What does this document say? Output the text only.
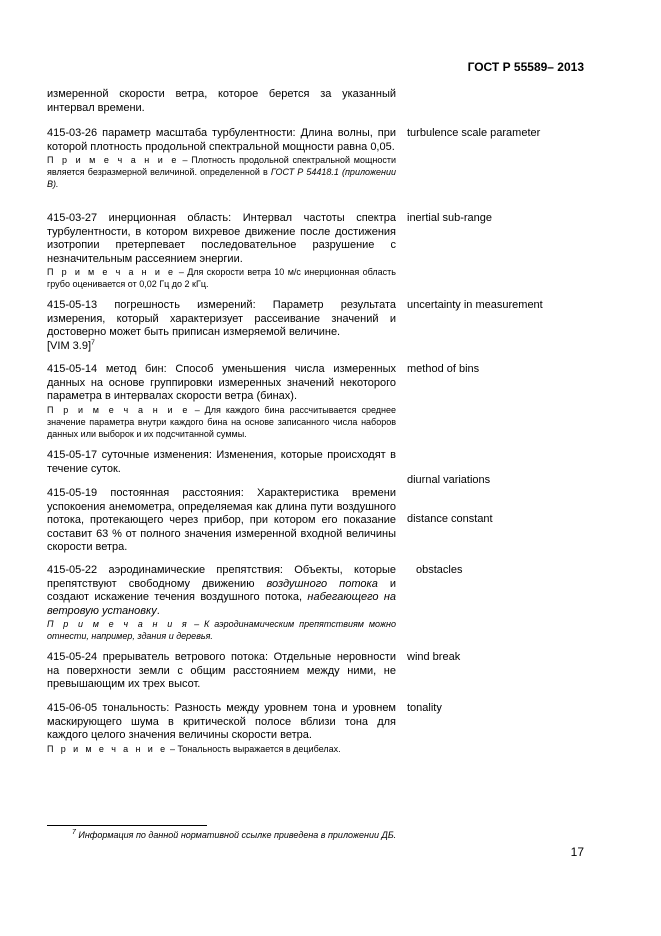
ГОСТ Р 55589– 2013
измеренной скорости ветра, которое берется за указанный интервал времени.
415-03-26 параметр масштаба турбулентности: Длина волны, при которой плотность продольной спектральной мощности равна 0,05.
П р и м е ч а н и е – Плотность продольной спектральной мощности является безразмерной величиной. определенной в ГОСТ Р 54418.1 (приложении В).
turbulence scale parameter
415-03-27 инерционная область: Интервал частоты спектра турбулентности, в котором вихревое движение после достижения изотропии претерпевает последовательное разрушение с незначительным рассеянием энергии.
П р и м е ч а н и е – Для скорости ветра 10 м/с инерционная область грубо оценивается от 0,02 Гц до 2 кГц.
inertial sub-range
415-05-13 погрешность измерений: Параметр результата измерения, который характеризует рассеивание значений и достоверно может быть приписан измеряемой величине.
[VIM 3.9]$^7$
uncertainty in measurement
415-05-14 метод бин: Способ уменьшения числа измеренных данных на основе группировки измеренных значений некоторого параметра в интервалах скорости ветра (бинах).
П р и м е ч а н и е – Для каждого бина рассчитывается среднее значение параметра внутри каждого бина на основе записанного числа наборов данных или выборок и их подсчитанной суммы.
method of bins
415-05-17 суточные изменения: Изменения, которые происходят в течение суток.
diurnal variations
415-05-19 постоянная расстояния: Характеристика времени успокоения анемометра, определяемая как длина пути воздушного потока, протекающего через прибор, при котором его показание составит 63 % от полного значения измеренной входной величины скорости ветра.
distance constant
415-05-22 аэродинамические препятствия: Объекты, которые препятствуют свободному движению воздушного потока и создают искажение течения воздушного потока, набегающего на ветровую установку.
П р и м е ч а н и я – К аэродинамическим препятствиям можно отнести, например, здания и деревья.
obstacles
415-05-24 прерыватель ветрового потока: Отдельные неровности на поверхности земли с общим расстоянием между ними, не превышающим их трех высот.
wind break
415-06-05 тональность: Разность между уровнем тона и уровнем маскирующего шума в критической полосе вблизи тона для каждого целого значения величины скорости ветра.
П р и м е ч а н и е – Тональность выражается в децибелах.
tonality
$^7$ Информация по данной нормативной ссылке приведена в приложении ДБ.
17
